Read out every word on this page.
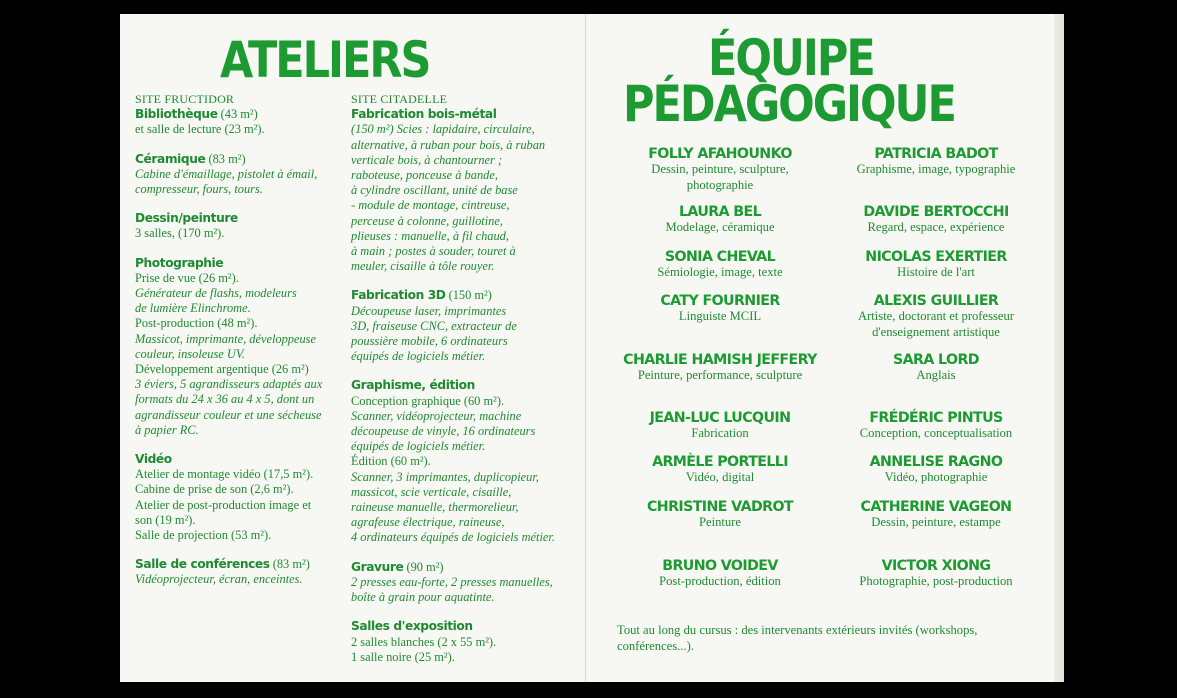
ATELIERS
SITE FRUCTIDOR
Bibliothèque (43 m²)
et salle de lecture (23 m²).
Céramique (83 m²)
Cabine d'émaillage, pistolet à émail,
compresseur, fours, tours.
Dessin/peinture
3 salles, (170 m²).
Photographie
Prise de vue (26 m²).
Générateur de flashs, modeleurs
de lumière Elinchrome.
Post-production (48 m²).
Massicot, imprimante, développeuse
couleur, insoleuse UV.
Développement argentique (26 m²)
3 éviers, 5 agrandisseurs adaptés aux
formats du 24 x 36 au 4 x 5, dont un
agrandisseur couleur et une sécheuse
à papier RC.
Vidéo
Atelier de montage vidéo (17,5 m²).
Cabine de prise de son (2,6 m²).
Atelier de post-production image et
son (19 m²).
Salle de projection (53 m²).
Salle de conférences (83 m²)
Vidéoprojecteur, écran, enceintes.
SITE CITADELLE
Fabrication bois-métal
(150 m²) Scies : lapidaire, circulaire,
alternative, à ruban pour bois, à ruban
verticale bois, à chantourner ;
raboteuse, ponceuse à bande,
à cylindre oscillant, unité de base
- module de montage, cintreuse,
perceuse à colonne, guillotine,
plieuses : manuelle, à fil chaud,
à main ; postes à souder, touret à
meuler, cisaille à tôle rouyer.
Fabrication 3D (150 m²)
Découpeuse laser, imprimantes
3D, fraiseuse CNC, extracteur de
poussière mobile, 6 ordinateurs
équipés de logiciels métier.
Graphisme, édition
Conception graphique (60 m²).
Scanner, vidéoprojecteur, machine
découpeuse de vinyle, 16 ordinateurs
équipés de logiciels métier.
Édition (60 m²).
Scanner, 3 imprimantes, duplicopieur,
massicot, scie verticale, cisaille,
raineuse manuelle, thermorelieur,
agrafeuse électrique, raineuse,
4 ordinateurs équipés de logiciels métier.
Gravure (90 m²)
2 presses eau-forte, 2 presses manuelles,
boîte à grain pour aquatinte.
Salles d'exposition
2 salles blanches (2 x 55 m²).
1 salle noire (25 m²).
ÉQUIPE
PÉDAGOGIQUE
FOLLY AFAHOUNKO
Dessin, peinture, sculpture, photographie
PATRICIA BADOT
Graphisme, image, typographie
LAURA BEL
Modelage, céramique
DAVIDE BERTOCCHI
Regard, espace, expérience
SONIA CHEVAL
Sémiologie, image, texte
NICOLAS EXERTIER
Histoire de l'art
CATY FOURNIER
Linguiste MCIL
ALEXIS GUILLIER
Artiste, doctorant et professeur d'enseignement artistique
CHARLIE HAMISH JEFFERY
Peinture, performance, sculpture
SARA LORD
Anglais
JEAN-LUC LUCQUIN
Fabrication
FRÉDÉRIC PINTUS
Conception, conceptualisation
ARMÈLE PORTELLI
Vidéo, digital
ANNELISE RAGNO
Vidéo, photographie
CHRISTINE VADROT
Peinture
CATHERINE VAGEON
Dessin, peinture, estampe
BRUNO VOIDEV
Post-production, édition
VICTOR XIONG
Photographie, post-production
Tout au long du cursus : des intervenants extérieurs invités (workshops, conférences...).
